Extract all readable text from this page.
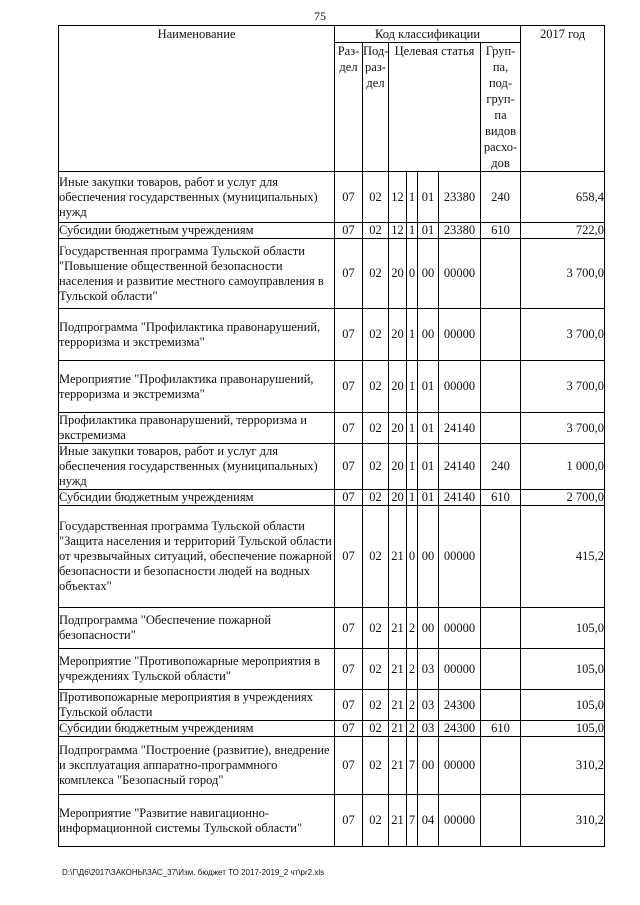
75
Наименование	Код классификации							2017 год
	Раз-дел	Под-раз-дел	Целевая статья				Груп-па, под-груп-па видов расхо-дов	
Иные закупки товаров, работ и услуг для обеспечения государственных (муниципальных) нужд	07	02	12	1	01	23380	240	658,4
Субсидии бюджетным учреждениям	07	02	12	1	01	23380	610	722,0
Государственная программа Тульской области "Повышение общественной безопасности населения и развитие местного самоуправления в Тульской области"	07	02	20	0	00	00000		3 700,0
Подпрограмма "Профилактика правонарушений, терроризма и экстремизма"	07	02	20	1	00	00000		3 700,0
Мероприятие "Профилактика правонарушений, терроризма и экстремизма"	07	02	20	1	01	00000		3 700,0
Профилактика правонарушений, терроризма и экстремизма	07	02	20	1	01	24140		3 700,0
Иные закупки товаров, работ и услуг для обеспечения государственных (муниципальных) нужд	07	02	20	1	01	24140	240	1 000,0
Субсидии бюджетным учреждениям	07	02	20	1	01	24140	610	2 700,0
Государственная программа Тульской области "Защита населения и территорий Тульской области от чрезвычайных ситуаций, обеспечение пожарной безопасности и безопасности людей на водных объектах"	07	02	21	0	00	00000		415,2
Подпрограмма "Обеспечение пожарной безопасности"	07	02	21	2	00	00000		105,0
Мероприятие "Противопожарные мероприятия в учреждениях Тульской области"	07	02	21	2	03	00000		105,0
Противопожарные мероприятия в учреждениях Тульской области	07	02	21	2	03	24300		105,0
Субсидии бюджетным учреждениям	07	02	21	2	03	24300	610	105,0
Подпрограмма "Построение (развитие), внедрение и эксплуатация аппаратно-программного комплекса "Безопасный город"	07	02	21	7	00	00000		310,2
Мероприятие "Развитие навигационно-информационной системы Тульской области"	07	02	21	7	04	00000		310,2
D:\Г\Д6\2017\ЗАКОНЫ\ЗАС_37\Изм. бюджет ТО 2017-2019_2 чт\pr2.xls
